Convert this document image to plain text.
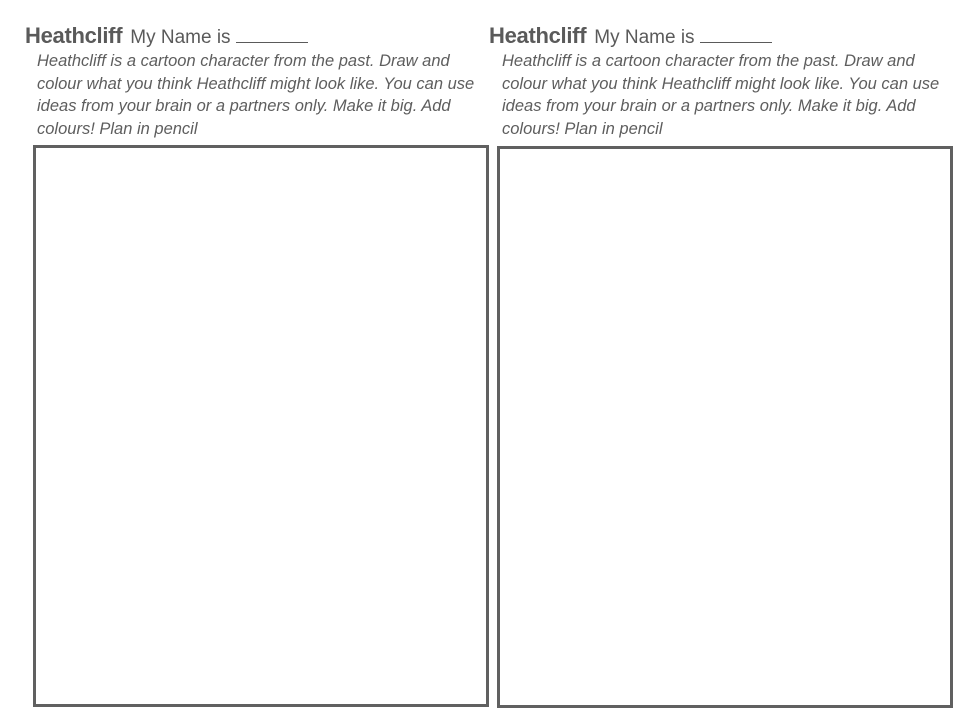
Heathcliff My Name is

Heathcliff is a cartoon character from the past. Draw and colour what you think Heathcliff might look like. You can use ideas from your brain or a partners only. Make it big. Add colours! Plan in pencil

Heathcliff My Name is

Heathcliff is a cartoon character from the past. Draw and colour what you think Heathcliff might look like. You can use ideas from your brain or a partners only. Make it big. Add colours! Plan in pencil
